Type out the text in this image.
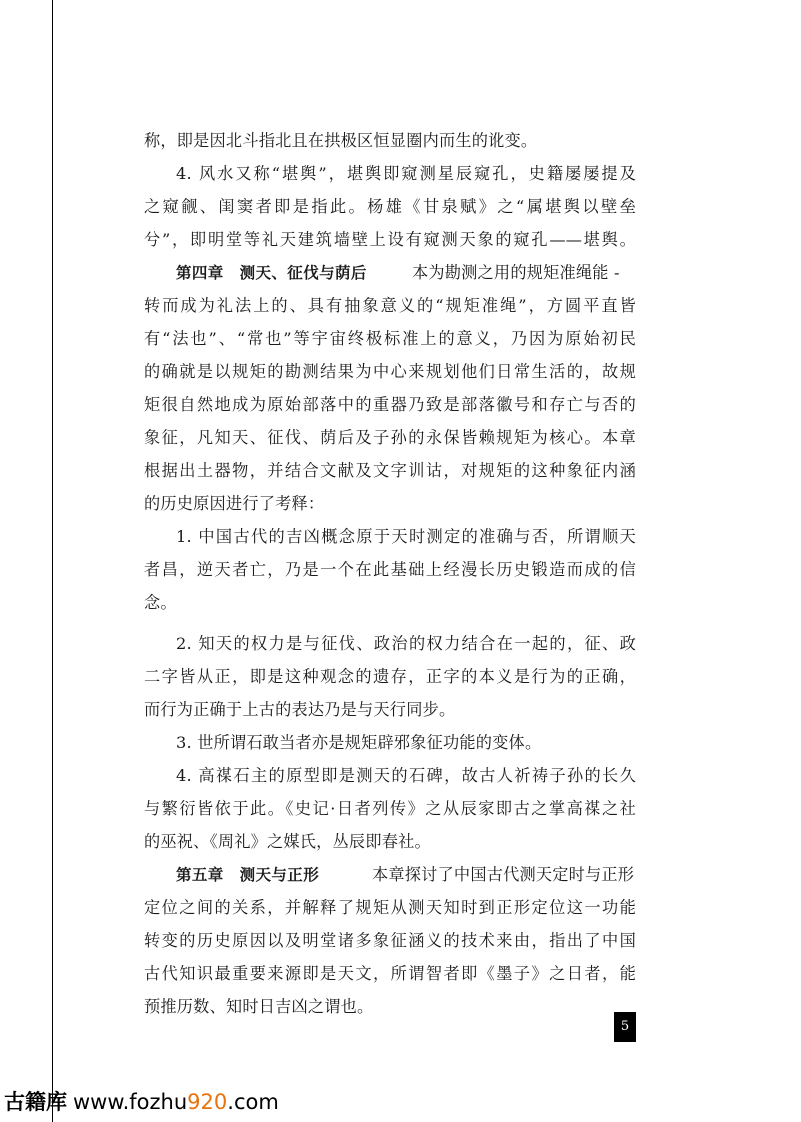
称，即是因北斗指北且在拱极区恒显圈内而生的讹变。
4. 风水又称“堪舆”，堪舆即窥测星辰窥孔，史籍屡屡提及
之窥觎、闺窦者即是指此。杨雄《甘泉赋》之“属堪舆以壁垒
兮”，即明堂等礼天建筑墙壁上设有窥测天象的窥孔——堪舆。
第四章　测天、征伐与荫后	本为勘测之用的规矩准绳能 -
转而成为礼法上的、具有抽象意义的“规矩准绳”，方圆平直皆
有“法也”、“常也”等宇宙终极标准上的意义，乃因为原始初民
的确就是以规矩的勘测结果为中心来规划他们日常生活的，故规
矩很自然地成为原始部落中的重器乃致是部落徽号和存亡与否的
象征，凡知天、征伐、荫后及子孙的永保皆赖规矩为核心。本章
根据出土器物，并结合文献及文字训诂，对规矩的这种象征内涵
的历史原因进行了考释：
1. 中国古代的吉凶概念原于天时测定的准确与否，所谓顺天
者昌，逆天者亡，乃是一个在此基础上经漫长历史锻造而成的信
念。
2. 知天的权力是与征伐、政治的权力结合在一起的，征、政
二字皆从正，即是这种观念的遗存，正字的本义是行为的正确，
而行为正确于上古的表达乃是与天行同步。
3. 世所谓石敢当者亦是规矩辟邪象征功能的变体。
4. 高禖石主的原型即是测天的石碑，故古人祈祷子孙的长久
与繁衍皆依于此。《史记·日者列传》之从辰家即古之掌高禖之社
的巫祝、《周礼》之媒氏，丛辰即春社。
第五章　测天与正形	本章探讨了中国古代测天定时与正形
定位之间的关系，并解释了规矩从测天知时到正形定位这一功能
转变的历史原因以及明堂诸多象征涵义的技术来由，指出了中国
古代知识最重要来源即是天文，所谓智者即《墨子》之日者，能
预推历数、知时日吉凶之谓也。
5
古籍库 www.fozhu920.com
